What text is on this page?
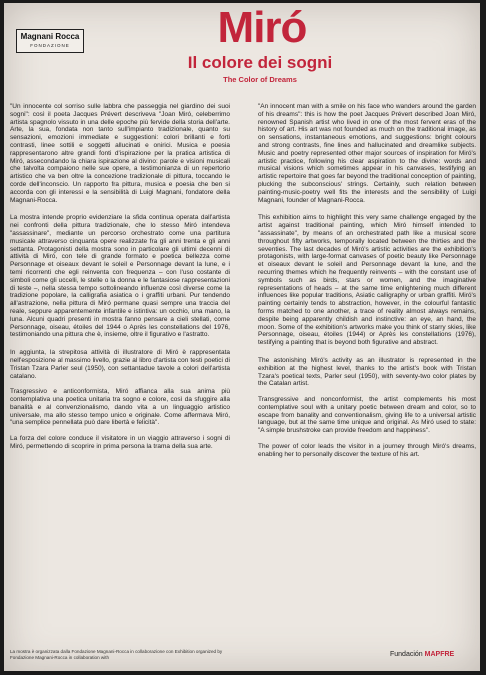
Magnani Rocca
FONDAZIONE	Miró
Il colore dei sogni
The Color of Dreams

"Un innocente col sorriso sulle labbra che passeggia nel giardino dei suoi sogni": così il poeta Jacques Prévert descriveva "Joan Miró, celeberrimo artista spagnolo vissuto in una delle epoche più fervide della storia dell'arte. Arte, la sua, fondata non tanto sull'impianto tradizionale, quanto su sensazioni, emozioni immediate e suggestioni: colori brillanti e forti contrasti, linee sottili e soggetti allucinati e onirici. Musica e poesia rappresentarono altre grandi fonti d'ispirazione per la pratica artistica di Miró, assecondando la chiara ispirazione al divino: parole e visioni musicali che talvolta compaiono nelle sue opere, a testimonianza di un repertorio artistico che va ben oltre la concezione tradizionale di pittura, toccando le corde dell'inconscio. Un rapporto fra pittura, musica e poesia che ben si accorda con gli interessi e la sensibilità di Luigi Magnani, fondatore della Magnani-Rocca.

La mostra intende proprio evidenziare la sfida continua operata dall'artista nei confronti della pittura tradizionale, che lo stesso Miró intendeva "assassinare", mediante un percorso orchestrato come una partitura musicale attraverso cinquanta opere realizzate fra gli anni trenta e gli anni settanta. Protagonisti della mostra sono in particolare gli ultimi decenni di attività di Miró, con tele di grande formato e poetica bellezza come Personnage et oiseaux devant le soleil e Personnage devant la lune, e i temi ricorrenti che egli reinventa con frequenza – con l'uso costante di simboli come gli uccelli, le stelle o la donna e le fantasiose rappresentazioni di teste –, nella stessa tempo sottolineando influenze così diverse come la tradizione popolare, la calligrafia asiatica o i graffiti urbani. Pur tendendo all'astrazione, nella pittura di Miró permane quasi sempre una traccia del reale, seppure apparentemente infantile e istintiva: un occhio, una mano, la luna. Alcuni quadri presenti in mostra fanno pensare a cieli stellati, come Personnage, oiseau, étoiles del 1944 o Après les constellations del 1976, testimoniando una pittura che è, insieme, oltre il figurativo e l'astratto.

In aggiunta, la strepitosa attività di illustratore di Miró è rappresentata nell'esposizione al massimo livello, grazie al libro d'artista con testi poetici di Tristan Tzara Parler seul (1950), con settantadue tavole a colori dell'artista catalano.

Trasgressivo e anticonformista, Miró affianca alla sua anima più contemplativa una poetica unitaria tra sogno e colore, così da sfuggire alla banalità e al convenzionalismo, dando vita a un linguaggio artistico universale, ma allo stesso tempo unico e originale. Come affermava Miró, "una semplice pennellata può dare libertà e felicità".

La forza del colore conduce il visitatore in un viaggio attraverso i sogni di Miró, permettendo di scoprire in prima persona la trama della sua arte.

"An innocent man with a smile on his face who wanders around the garden of his dreams": this is how the poet Jacques Prévert described Joan Miró, renowned Spanish artist who lived in one of the most fervent eras of the history of art. His art was not founded as much on the traditional image, as on sensations, instantaneous emotions, and suggestions: bright colours and strong contrasts, fine lines and hallucinated and dreamlike subjects. Music and poetry represented other major sources of inspiration for Miró's artistic practice, following his clear aspiration to the divine: words and musical visions which sometimes appear in his canvases, testifying an artistic repertoire that goes far beyond the traditional conception of painting, plucking the subconscious' strings. Certainly, such relation between painting-music-poetry well fits the interests and the sensibility of Luigi Magnani, founder of Magnani-Rocca.

This exhibition aims to highlight this very same challenge engaged by the artist against traditional painting, which Miró himself intended to "assassinate", by means of an orchestrated path like a musical score throughout fifty artworks, temporally located between the thirties and the seventies. The last decades of Miró's artistic activities are the exhibition's protagonists, with large-format canvases of poetic beauty like Personnage et oiseaux devant le soleil and Personnage devant la lune, and the recurring themes which he frequently reinvents – with the constant use of symbols such as birds, stars or women, and the imaginative representations of heads – at the same time enlightening much different influences like popular traditions, Asiatic calligraphy or urban graffiti. Miró's painting certainly tends to abstraction, however, in the colourful fantastic forms matched to one another, a trace of reality almost always remains, despite being apparently childish and instinctive: an eye, an hand, the moon. Some of the exhibition's artworks make you think of starry skies, like Personnage, oiseau, étoiles (1944) or Après les constellations (1976), testifying a painting that is beyond both figurative and abstract.

The astonishing Miró's activity as an illustrator is represented in the exhibition at the highest level, thanks to the artist's book with Tristan Tzara's poetical texts, Parler seul (1950), with seventy-two color plates by the Catalan artist.

Transgressive and nonconformist, the artist complements his most contemplative soul with a unitary poetic between dream and color, so to escape from banality and conventionalism, giving life to a universal artistic language, but at the same time unique and original. As Miró used to state: "A simple brushstroke can provide freedom and happiness".

The power of color leads the visitor in a journey through Miró's dreams, enabling her to personally discover the texture of his art.

La mostra è organizzata dalla Fondazione Magnani-Rocca in collaborazione con Exhibition organized by Fondazione Magnani-Rocca in collaboration with	Fundación MAPFRE
